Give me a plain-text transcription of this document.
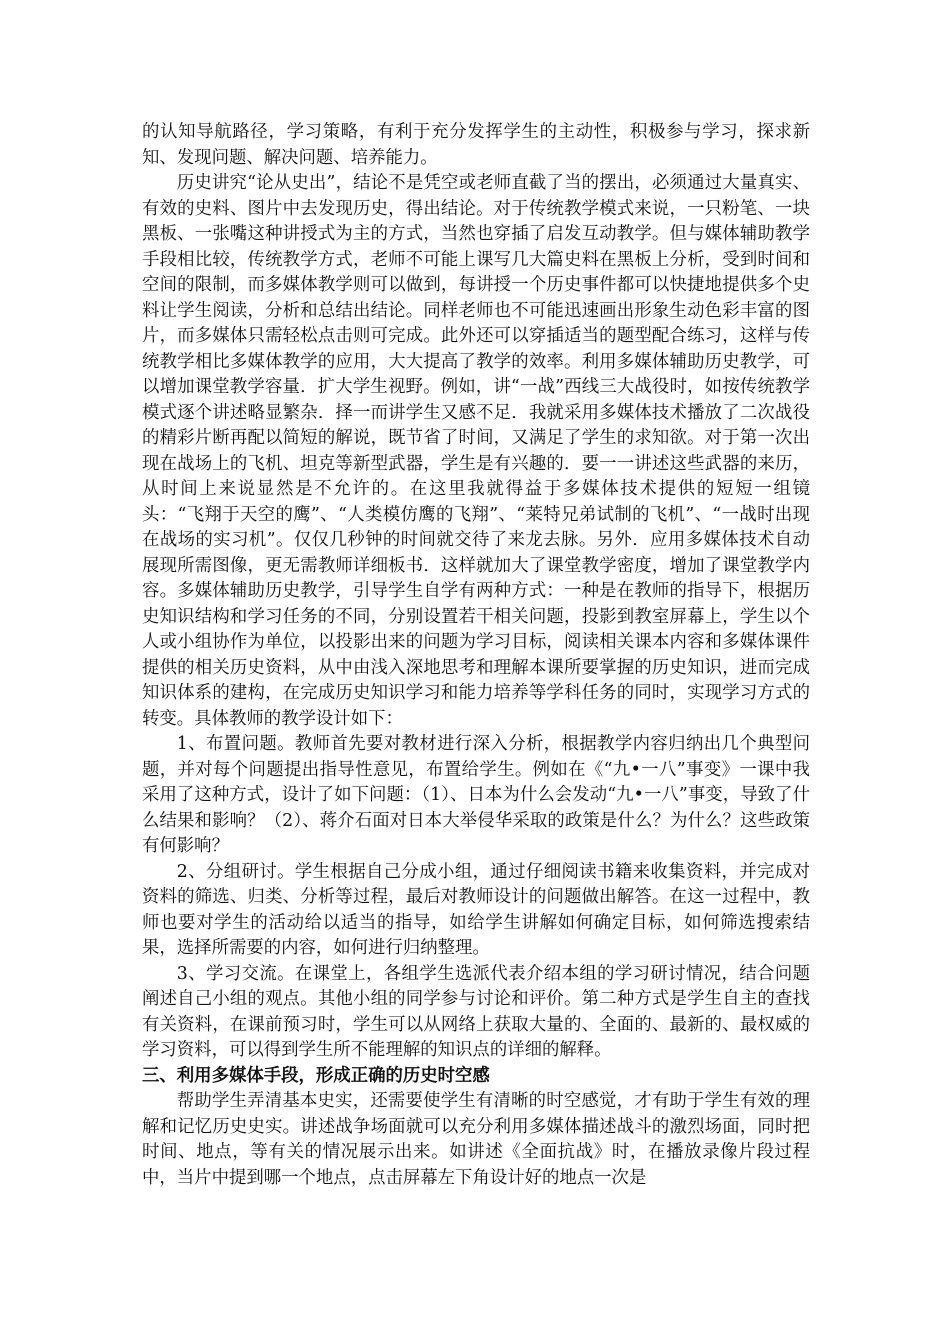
的认知导航路径，学习策略，有利于充分发挥学生的主动性，积极参与学习，探求新知、发现问题、解决问题、培养能力。

历史讲究“论从史出”，结论不是凭空或老师直截了当的摆出，必须通过大量真实、有效的史料、图片中去发现历史，得出结论。对于传统教学模式来说，一只粉笔、一块黑板、一张嘴这种讲授式为主的方式，当然也穿插了启发互动教学。但与媒体辅助教学手段相比较，传统教学方式，老师不可能上课写几大篇史料在黑板上分析，受到时间和空间的限制，而多媒体教学则可以做到，每讲授一个历史事件都可以快捷地提供多个史料让学生阅读，分析和总结出结论。同样老师也不可能迅速画出形象生动色彩丰富的图片，而多媒体只需轻松点击则可完成。此外还可以穿插适当的题型配合练习，这样与传统教学相比多媒体教学的应用，大大提高了教学的效率。利用多媒体辅助历史教学，可以增加课堂教学容量．扩大学生视野。例如，讲“一战”西线三大战役时，如按传统教学模式逐个讲述略显繁杂．择一而讲学生又感不足．我就采用多媒体技术播放了二次战役的精彩片断再配以简短的解说，既节省了时间，又满足了学生的求知欲。对于第一次出现在战场上的飞机、坦克等新型武器，学生是有兴趣的．要一一讲述这些武器的来历，从时间上来说显然是不允许的。在这里我就得益于多媒体技术提供的短短一组镜头：“飞翔于天空的鹰”、“人类模仿鹰的飞翔”、“莱特兄弟试制的飞机”、“一战时出现在战场的实习机”。仅仅几秒钟的时间就交待了来龙去脉。另外．应用多媒体技术自动展现所需图像，更无需教师详细板书．这样就加大了课堂教学密度，增加了课堂教学内容。多媒体辅助历史教学，引导学生自学有两种方式：一种是在教师的指导下，根据历史知识结构和学习任务的不同，分别设置若干相关问题，投影到教室屏幕上，学生以个人或小组协作为单位，以投影出来的问题为学习目标，阅读相关课本内容和多媒体课件提供的相关历史资料，从中由浅入深地思考和理解本课所要掌握的历史知识，进而完成知识体系的建构，在完成历史知识学习和能力培养等学科任务的同时，实现学习方式的转变。具体教师的教学设计如下：

1、布置问题。教师首先要对教材进行深入分析，根据教学内容归纳出几个典型问题，并对每个问题提出指导性意见，布置给学生。例如在《“九•一八”事变》一课中我采用了这种方式，设计了如下问题：（1）、日本为什么会发动“九•一八”事变，导致了什么结果和影响？（2）、蒋介石面对日本大举侵华采取的政策是什么？为什么？这些政策有何影响？

2、分组研讨。学生根据自己分成小组，通过仔细阅读书籍来收集资料，并完成对资料的筛选、归类、分析等过程，最后对教师设计的问题做出解答。在这一过程中，教师也要对学生的活动给以适当的指导，如给学生讲解如何确定目标，如何筛选搜索结果，选择所需要的内容，如何进行归纳整理。

3、学习交流。在课堂上，各组学生选派代表介绍本组的学习研讨情况，结合问题阐述自己小组的观点。其他小组的同学参与讨论和评价。第二种方式是学生自主的查找有关资料，在课前预习时，学生可以从网络上获取大量的、全面的、最新的、最权威的学习资料，可以得到学生所不能理解的知识点的详细的解释。

三、利用多媒体手段，形成正确的历史时空感

帮助学生弄清基本史实，还需要使学生有清晰的时空感觉，才有助于学生有效的理解和记忆历史史实。讲述战争场面就可以充分利用多媒体描述战斗的激烈场面，同时把时间、地点，等有关的情况展示出来。如讲述《全面抗战》时，在播放录像片段过程中，当片中提到哪一个地点，点击屏幕左下角设计好的地点一次是
